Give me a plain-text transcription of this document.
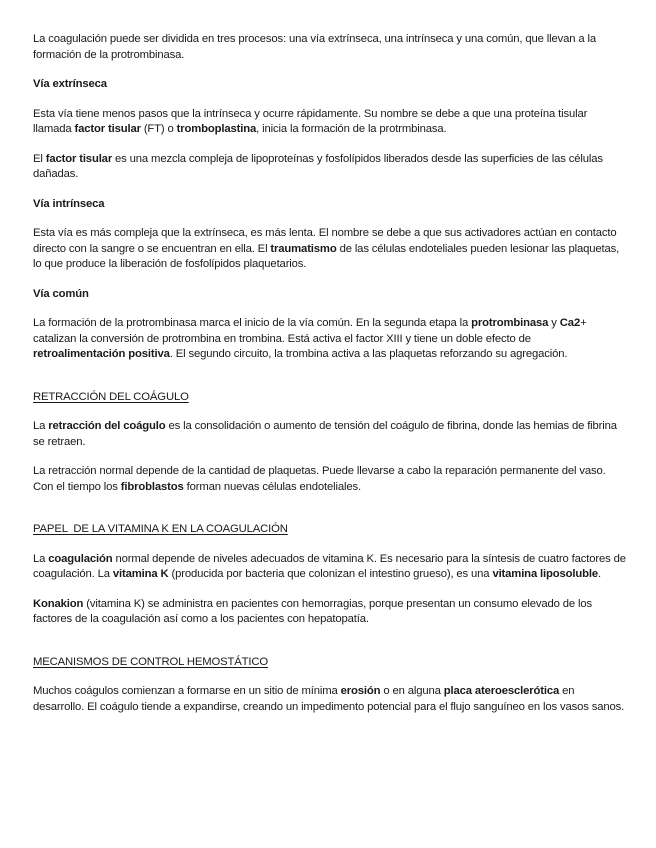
La coagulación puede ser dividida en tres procesos: una vía extrínseca, una intrínseca y una común, que llevan a la formación de la protrombinasa.

Vía extrínseca

Esta vía tiene menos pasos que la intrínseca y ocurre rápidamente. Su nombre se debe a que una proteína tisular llamada factor tisular (FT) o tromboplastina, inicia la formación de la protrmbinasa.

El factor tisular es una mezcla compleja de lipoproteínas y fosfolípidos liberados desde las superficies de las células dañadas.

Vía intrínseca

Esta vía es más compleja que la extrínseca, es más lenta. El nombre se debe a que sus activadores actúan en contacto directo con la sangre o se encuentran en ella. El traumatismo de las células endoteliales pueden lesionar las plaquetas, lo que produce la liberación de fosfolípidos plaquetarios.

Vía común

La formación de la protrombinasa marca el inicio de la vía común. En la segunda etapa la protrombinasa y Ca2+ catalizan la conversión de protrombina en trombina. Está activa el factor XIII y tiene un doble efecto de retroalimentación positiva. El segundo circuito, la trombina activa a las plaquetas reforzando su agregación.

RETRACCIÓN DEL COÁGULO

La retracción del coágulo es la consolidación o aumento de tensión del coágulo de fibrina, donde las hemias de fibrina se retraen.

La retracción normal depende de la cantidad de plaquetas. Puede llevarse a cabo la reparación permanente del vaso. Con el tiempo los fibroblastos forman nuevas células endoteliales.

PAPEL  DE LA VITAMINA K EN LA COAGULACIÓN

La coagulación normal depende de niveles adecuados de vitamina K. Es necesario para la síntesis de cuatro factores de coagulación. La vitamina K (producida por bacteria que colonizan el intestino grueso), es una vitamina liposoluble.

Konakion (vitamina K) se administra en pacientes con hemorragias, porque presentan un consumo elevado de los factores de la coagulación así como a los pacientes con hepatopatía.

MECANISMOS DE CONTROL HEMOSTÁTICO

Muchos coágulos comienzan a formarse en un sitio de mínima erosión o en alguna placa ateroesclerótica en desarrollo. El coágulo tiende a expandirse, creando un impedimento potencial para el flujo sanguíneo en los vasos sanos.
